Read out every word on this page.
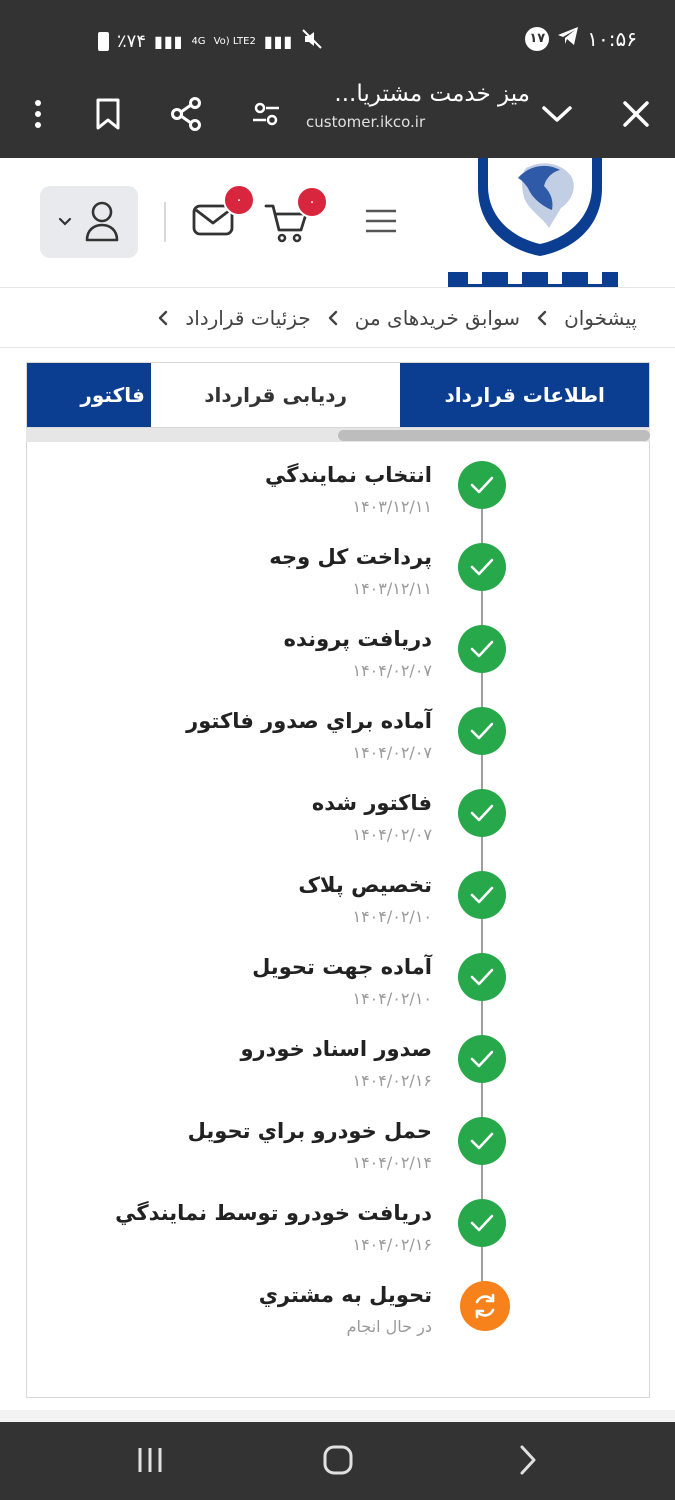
٪۷۴ ▮▮▮ 4G Vo) LTE2 ▮▮▮	۱۷ ۱۰:۵۶
میز خدمت مشتریا...
customer.ikco.ir
۰	۰
پیشخوان
سوابق خریدهای من
جزئیات قرارداد
اطلاعات قرارداد
ردیابی قرارداد
فاکتور
انتخاب نمايندگي
۱۴۰۳/۱۲/۱۱
پرداخت کل وجه
۱۴۰۳/۱۲/۱۱
دریافت پرونده
۱۴۰۴/۰۲/۰۷
آماده براي صدور فاکتور
۱۴۰۴/۰۲/۰۷
فاکتور شده
۱۴۰۴/۰۲/۰۷
تخصیص پلاک
۱۴۰۴/۰۲/۱۰
آماده جهت تحويل
۱۴۰۴/۰۲/۱۰
صدور اسناد خودرو
۱۴۰۴/۰۲/۱۶
حمل خودرو براي تحويل
۱۴۰۴/۰۲/۱۴
دریافت خودرو توسط نمايندگي
۱۴۰۴/۰۲/۱۶
تحويل به مشتري
در حال انجام
